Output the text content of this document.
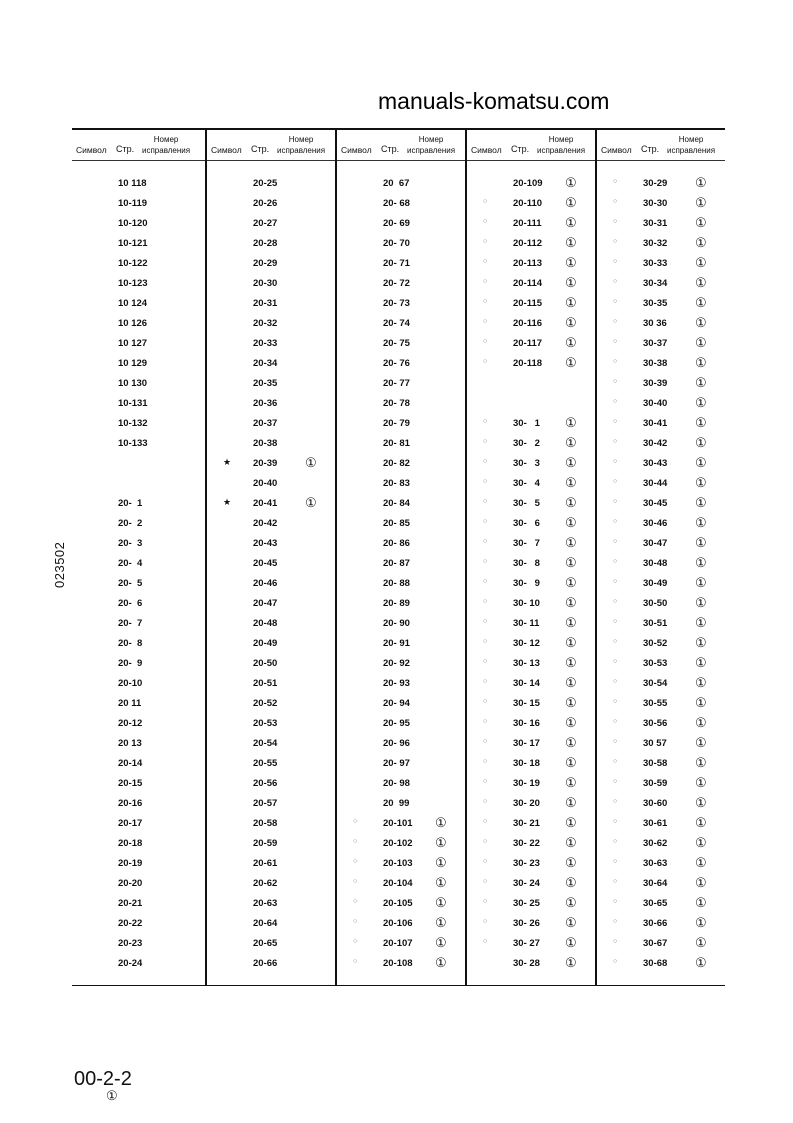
Символ Стр.
Номер
исправления
10 118
10-119
10-120
10-121
10-122
10-123
10 124
10 126
10 127
10 129
10 130
10-131
10-132
10-133
20-  1
20-  2
20-  3
20-  4
20-  5
20-  6
20-  7
20-  8
20-  9
20-10
20 11
20-12
20 13
20-14
20-15
20-16
20-17
20-18
20-19
20-20
20-21
20-22
20-23
20-24
Символ Стр.
Номер
исправления
20-25
20-26
20-27
20-28
20-29
20-30
20-31
20-32
20-33
20-34
20-35
20-36
20-37
20-38
★ 20-39 ①
20-40
★ 20-41 ①
20-42
20-43
20-45
20-46
20-47
20-48
20-49
20-50
20-51
20-52
20-53
20-54
20-55
20-56
20-57
20-58
20-59
20-61
20-62
20-63
20-64
20-65
20-66
Символ Стр.
Номер
исправления
20  67
20- 68
20- 69
20- 70
20- 71
20- 72
20- 73
20- 74
20- 75
20- 76
20- 77
20- 78
20- 79
20- 81
20- 82
20- 83
20- 84
20- 85
20- 86
20- 87
20- 88
20- 89
20- 90
20- 91
20- 92
20- 93
20- 94
20- 95
20- 96
20- 97
20- 98
20  99
○	20-101 ①
○	20-102 ①
○	20-103 ①
○	20-104 ①
○	20-105 ①
○	20-106 ①
○	20-107 ①
○	20-108 ①
Символ Стр.
Номер
исправления
20-109 ①
○	20-110 ①
○	20-111 ①
○	20-112 ①
○	20-113 ①
○	20-114 ①
○	20-115 ①
○	20-116 ①
○	20-117 ①
○	20-118 ①
○	30-   1 ①
○	30-   2 ①
○	30-   3 ①
○	30-   4 ①
○	30-   5 ①
○	30-   6 ①
○	30-   7 ①
○	30-   8 ①
○	30-   9 ①
○	30- 10 ①
○	30- 11 ①
○	30- 12 ①
○	30- 13 ①
○	30- 14 ①
○	30- 15 ①
○	30- 16 ①
○	30- 17 ①
○	30- 18 ①
○	30- 19 ①
○	30- 20 ①
○	30- 21 ①
○	30- 22 ①
○	30- 23 ①
○	30- 24 ①
○	30- 25 ①
○	30- 26 ①
○	30- 27 ①
30- 28 ①
Символ Стр.
Номер
исправления
○	30-29 ①
○	30-30 ①
○	30-31 ①
○	30-32 ①
○	30-33 ①
○	30-34 ①
○	30-35 ①
○	30 36 ①
○	30-37 ①
○	30-38 ①
○	30-39 ①
○	30-40 ①
○	30-41 ①
○	30-42 ①
○	30-43 ①
○	30-44 ①
○	30-45 ①
○	30-46 ①
○	30-47 ①
○	30-48 ①
○	30-49 ①
○	30-50 ①
○	30-51 ①
○	30-52 ①
○	30-53 ①
○	30-54 ①
○	30-55 ①
○	30-56 ①
○	30 57 ①
○	30-58 ①
○	30-59 ①
○	30-60 ①
○	30-61 ①
○	30-62 ①
○	30-63 ①
○	30-64 ①
○	30-65 ①
○	30-66 ①
○	30-67 ①
○	30-68 ①
manuals-komatsu.com
023502
00-2-2
①
